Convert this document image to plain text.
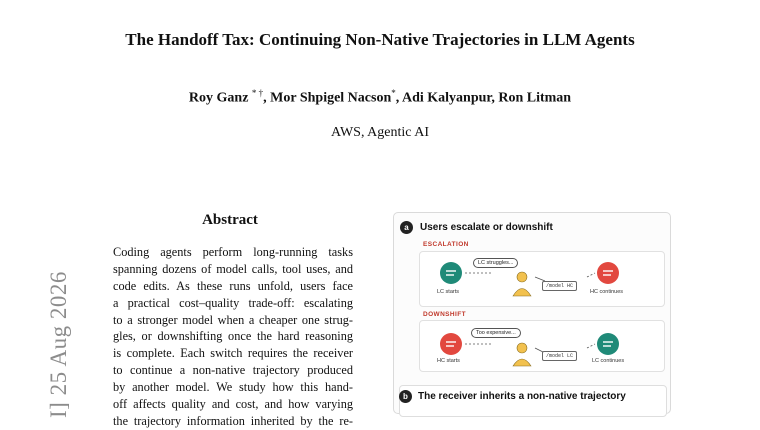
The Handoff Tax: Continuing Non-Native Trajectories in LLM Agents
Roy Ganz * †, Mor Shpigel Nacson*, Adi Kalyanpur, Ron Litman
AWS, Agentic AI
I] 25 Aug 2026
Abstract
Coding agents perform long-running tasks
spanning dozens of model calls, tool uses, and
code edits. As these runs unfold, users face
a practical cost–quality trade-off: escalating
to a stronger model when a cheaper one strug-
gles, or downshifting once the hard reasoning
is complete. Each switch requires the receiver
to continue a non-native trajectory produced
by another model. We study how this hand-
off affects quality and cost, and how varying
the trajectory information inherited by the re-
a	Users escalate or downshift
ESCALATION
LC struggles...
/model HC
LC starts	HC continues
DOWNSHIFT
Too expensive...
/model LC
HC starts	LC continues
b	The receiver inherits a non-native trajectory
